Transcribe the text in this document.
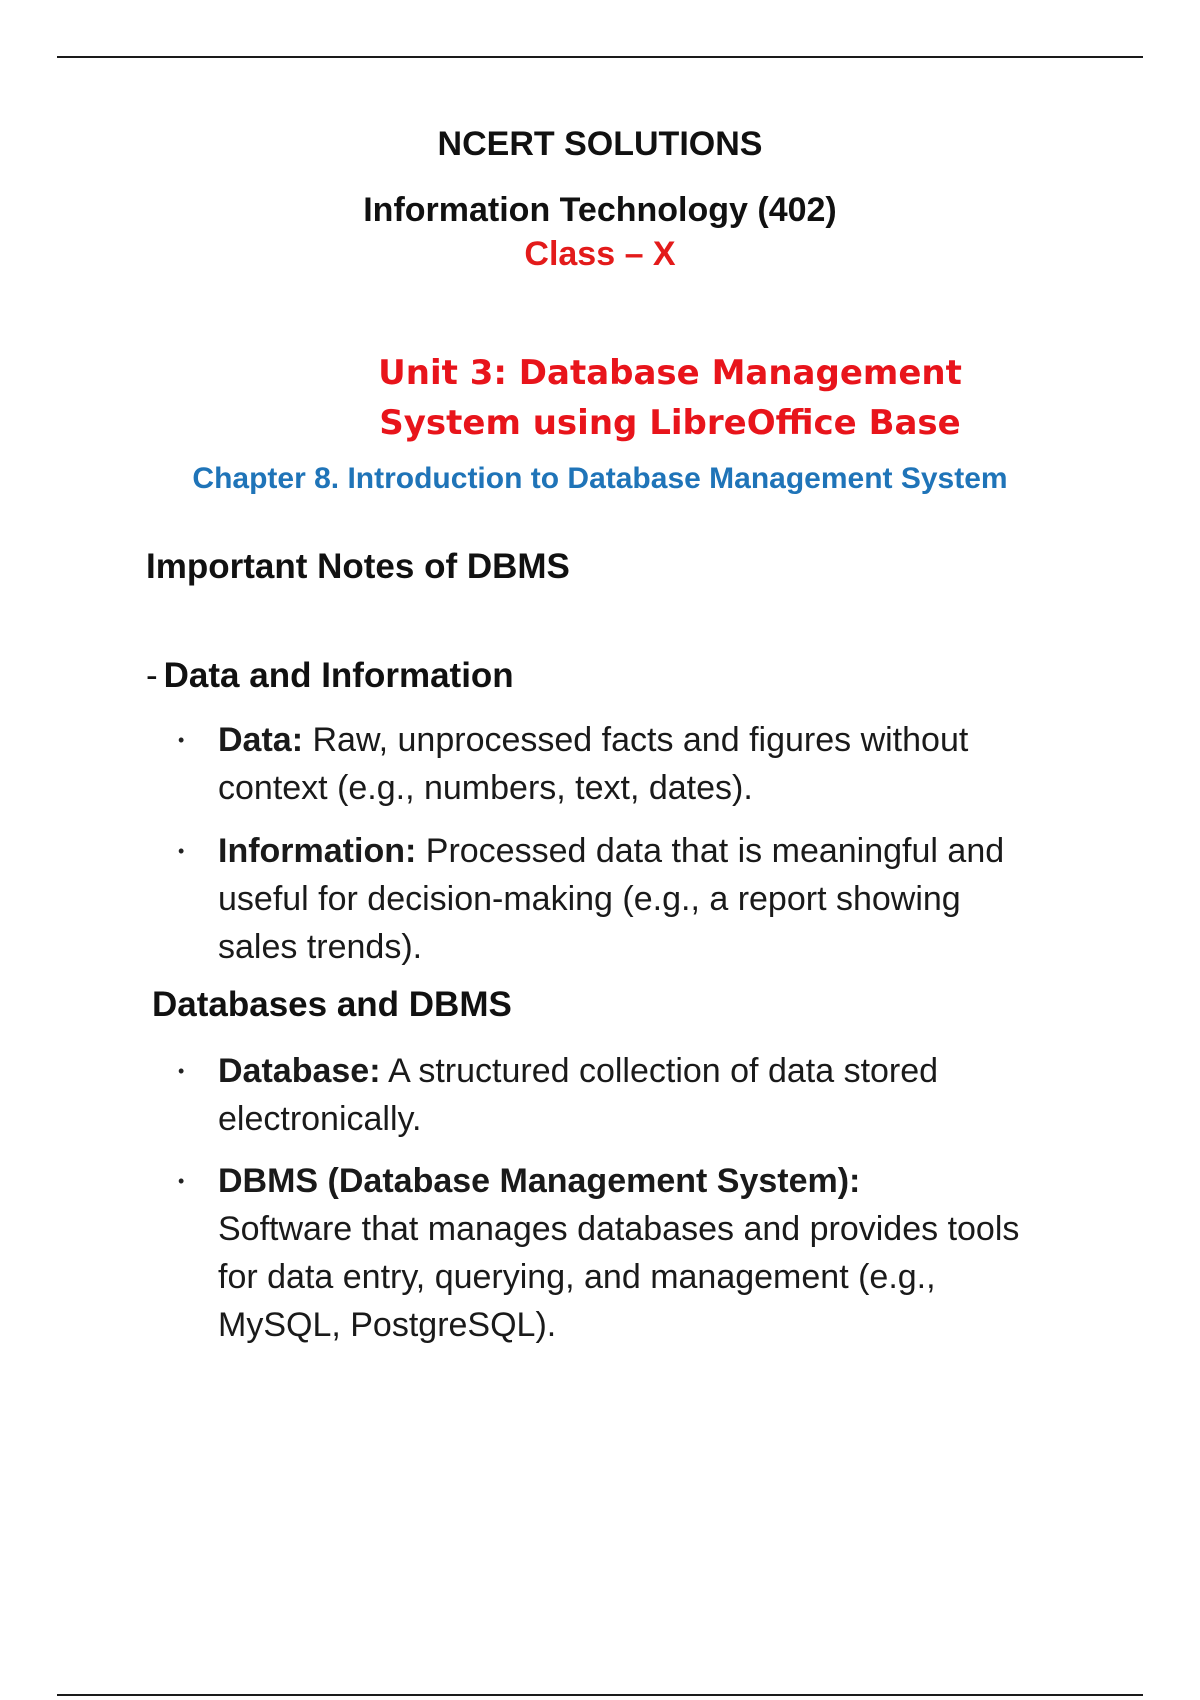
NCERT SOLUTIONS
Information Technology (402)
Class – X
Unit 3: Database Management
System using LibreOffice Base
Chapter 8. Introduction to Database Management System
Important Notes of DBMS
- Data and Information
• Data: Raw, unprocessed facts and figures without context (e.g., numbers, text, dates).
• Information: Processed data that is meaningful and useful for decision-making (e.g., a report showing sales trends).
Databases and DBMS
• Database: A structured collection of data stored electronically.
• DBMS (Database Management System):
Software that manages databases and provides tools for data entry, querying, and management (e.g., MySQL, PostgreSQL).
